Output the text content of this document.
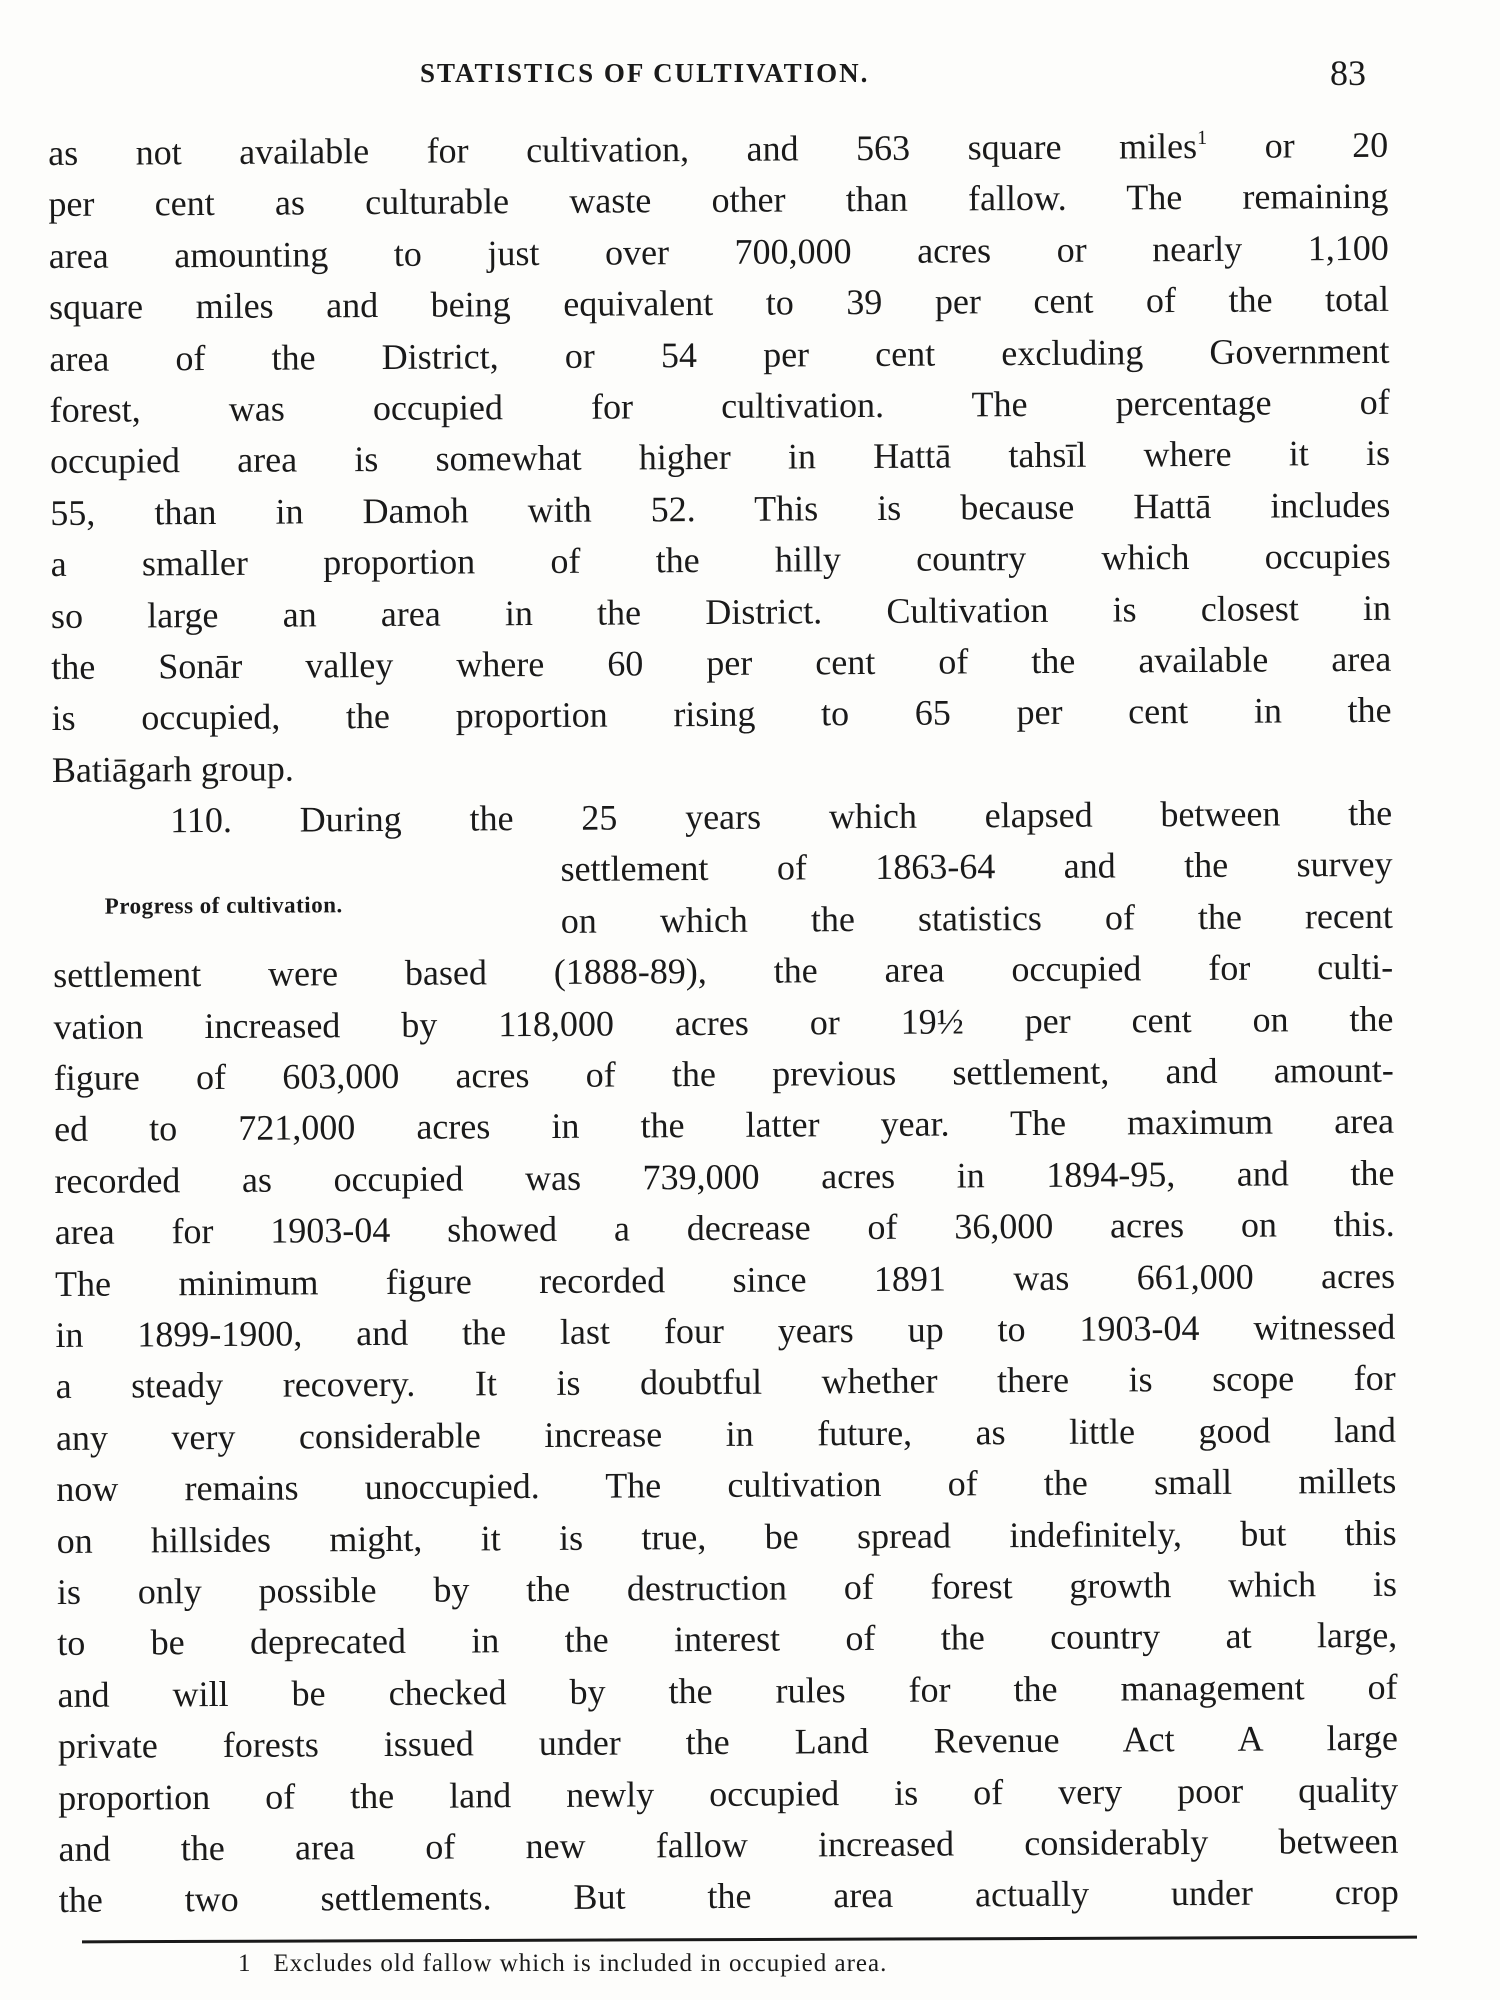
STATISTICS OF CULTIVATION.	83
as not available for cultivation, and 563 square miles$^1$ or 20
per cent as culturable waste other than fallow. The remaining
area amounting to just over 700,000 acres or nearly 1,100
square miles and being equivalent to 39 per cent of the total
area of the District, or 54 per cent excluding Government
forest, was occupied for cultivation. The percentage of
occupied area is somewhat higher in Hattā tahsīl where it is
55, than in Damoh with 52. This is because Hattā includes
a smaller proportion of the hilly country which occupies
so large an area in the District. Cultivation is closest in
the Sonār valley where 60 per cent of the available area
is occupied, the proportion rising to 65 per cent in the
Batiāgarh group.
110. During the 25 years which elapsed between the
Progress of cultivation.
settlement of 1863-64 and the survey
on which the statistics of the recent
settlement were based (1888-89), the area occupied for culti-
vation increased by 118,000 acres or 19½ per cent on the
figure of 603,000 acres of the previous settlement, and amount-
ed to 721,000 acres in the latter year. The maximum area
recorded as occupied was 739,000 acres in 1894-95, and the
area for 1903-04 showed a decrease of 36,000 acres on this.
The minimum figure recorded since 1891 was 661,000 acres
in 1899-1900, and the last four years up to 1903-04 witnessed
a steady recovery. It is doubtful whether there is scope for
any very considerable increase in future, as little good land
now remains unoccupied. The cultivation of the small millets
on hillsides might, it is true, be spread indefinitely, but this
is only possible by the destruction of forest growth which is
to be deprecated in the interest of the country at large,
and will be checked by the rules for the management of
private forests issued under the Land Revenue Act A large
proportion of the land newly occupied is of very poor quality
and the area of new fallow increased considerably between
the two settlements. But the area actually under crop
1 Excludes old fallow which is included in occupied area.
